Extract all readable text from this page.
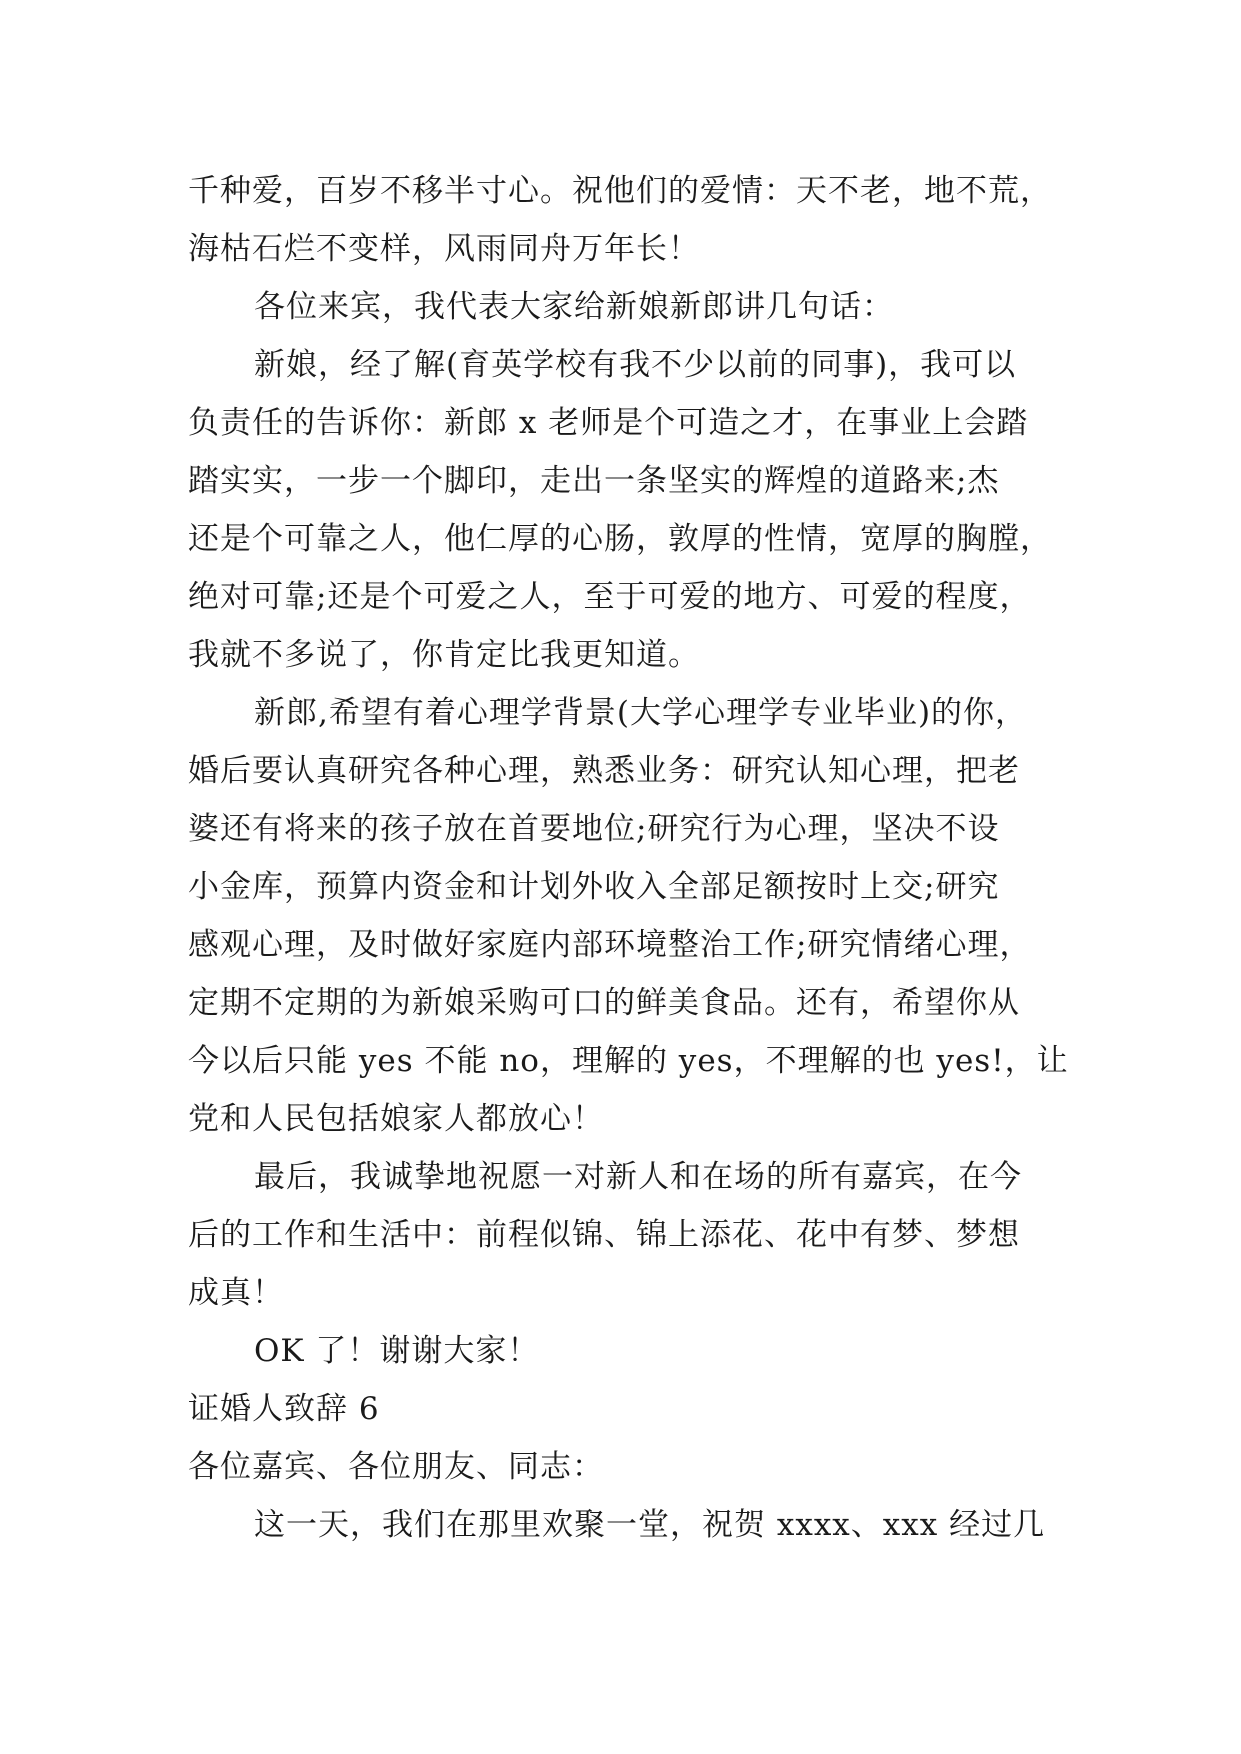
千种爱，百岁不移半寸心。祝他们的爱情：天不老，地不荒，
海枯石烂不变样，风雨同舟万年长！
各位来宾，我代表大家给新娘新郎讲几句话：
新娘，经了解(育英学校有我不少以前的同事)，我可以
负责任的告诉你：新郎 x 老师是个可造之才，在事业上会踏
踏实实，一步一个脚印，走出一条坚实的辉煌的道路来;杰
还是个可靠之人，他仁厚的心肠，敦厚的性情，宽厚的胸膛，
绝对可靠;还是个可爱之人，至于可爱的地方、可爱的程度，
我就不多说了，你肯定比我更知道。
新郎,希望有着心理学背景(大学心理学专业毕业)的你，
婚后要认真研究各种心理，熟悉业务：研究认知心理，把老
婆还有将来的孩子放在首要地位;研究行为心理，坚决不设
小金库，预算内资金和计划外收入全部足额按时上交;研究
感观心理，及时做好家庭内部环境整治工作;研究情绪心理，
定期不定期的为新娘采购可口的鲜美食品。还有，希望你从
今以后只能 yes 不能 no，理解的 yes，不理解的也 yes!，让
党和人民包括娘家人都放心！
最后，我诚挚地祝愿一对新人和在场的所有嘉宾，在今
后的工作和生活中：前程似锦、锦上添花、花中有梦、梦想
成真！
OK 了！谢谢大家！
证婚人致辞 6
各位嘉宾、各位朋友、同志：
这一天，我们在那里欢聚一堂，祝贺 xxxx、xxx 经过几
